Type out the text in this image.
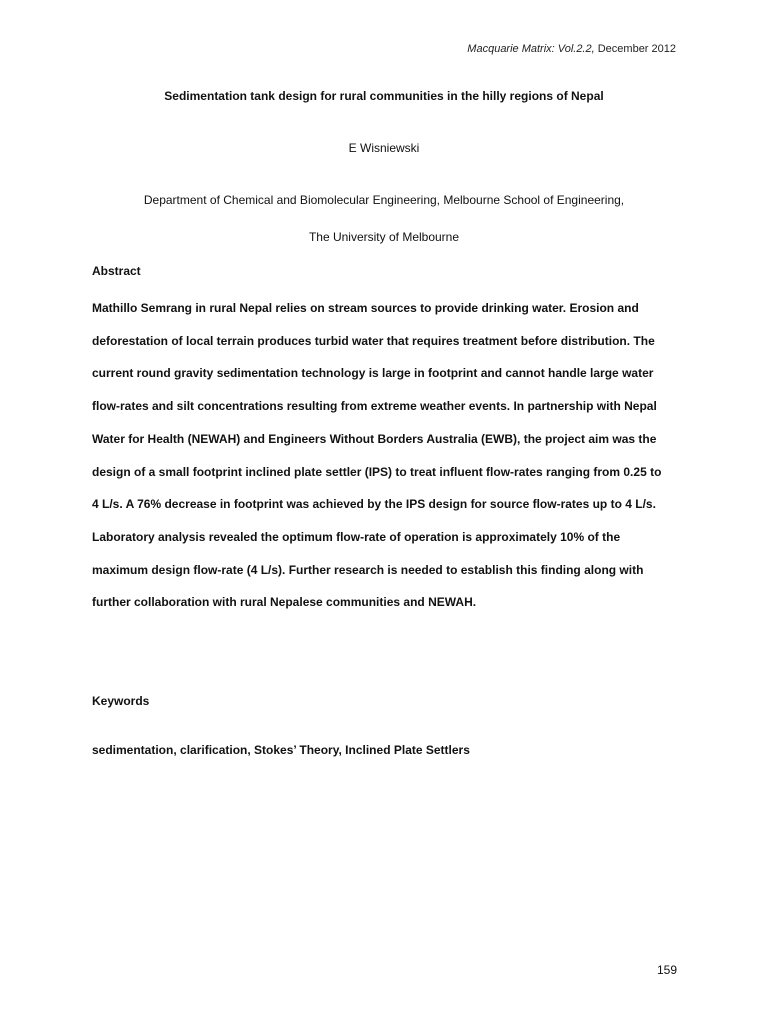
Macquarie Matrix: Vol.2.2, December 2012
Sedimentation tank design for rural communities in the hilly regions of Nepal
E Wisniewski
Department of Chemical and Biomolecular Engineering, Melbourne School of Engineering,
The University of Melbourne
Abstract
Mathillo Semrang in rural Nepal relies on stream sources to provide drinking water. Erosion and
deforestation of local terrain produces turbid water that requires treatment before distribution. The
current round gravity sedimentation technology is large in footprint and cannot handle large water
flow-rates and silt concentrations resulting from extreme weather events. In partnership with Nepal
Water for Health (NEWAH) and Engineers Without Borders Australia (EWB), the project aim was the
design of a small footprint inclined plate settler (IPS) to treat influent flow-rates ranging from 0.25 to
4 L/s. A 76% decrease in footprint was achieved by the IPS design for source flow-rates up to 4 L/s.
Laboratory analysis revealed the optimum flow-rate of operation is approximately 10% of the
maximum design flow-rate (4 L/s). Further research is needed to establish this finding along with
further collaboration with rural Nepalese communities and NEWAH.
Keywords
sedimentation, clarification, Stokes’ Theory, Inclined Plate Settlers
159
